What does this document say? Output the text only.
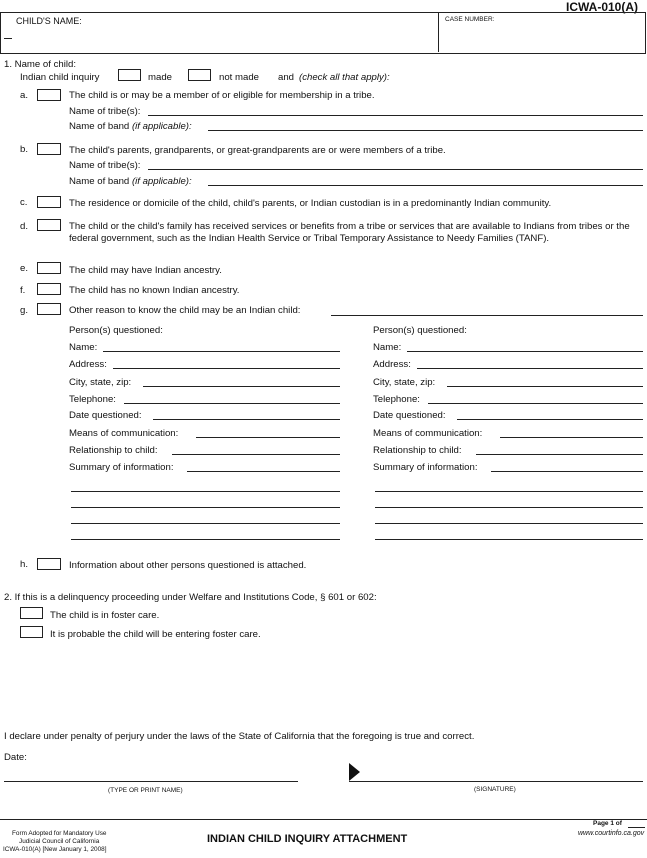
ICWA-010(A)
CHILD'S NAME:	CASE NUMBER:
1. Name of child:
Indian child inquiry	made	not made and (check all that apply):
a.	The child is or may be a member of or eligible for membership in a tribe.
Name of tribe(s):
Name of band (if applicable):
b.	The child's parents, grandparents, or great-grandparents are or were members of a tribe.
Name of tribe(s):
Name of band (if applicable):
c.	The residence or domicile of the child, child's parents, or Indian custodian is in a predominantly Indian community.
d.	The child or the child's family has received services or benefits from a tribe or services that are available to Indians from tribes or the federal government, such as the Indian Health Service or Tribal Temporary Assistance to Needy Families (TANF).
e.	The child may have Indian ancestry.
f.	The child has no known Indian ancestry.
g.	Other reason to know the child may be an Indian child:
Person(s) questioned:
Name:
Address:
City, state, zip:
Telephone:
Date questioned:
Means of communication:
Relationship to child:
Summary of information:
Person(s) questioned:
Name:
Address:
City, state, zip:
Telephone:
Date questioned:
Means of communication:
Relationship to child:
Summary of information:
h.	Information about other persons questioned is attached.
2. If this is a delinquency proceeding under Welfare and Institutions Code, § 601 or 602:
The child is in foster care.
It is probable the child will be entering foster care.
I declare under penalty of perjury under the laws of the State of California that the foregoing is true and correct.
Date:
(TYPE OR PRINT NAME)	(SIGNATURE)
Page 1 of
Form Adopted for Mandatory Use
Judicial Council of California
ICWA-010(A) [New January 1, 2008]
INDIAN CHILD INQUIRY ATTACHMENT	www.courtinfo.ca.gov
